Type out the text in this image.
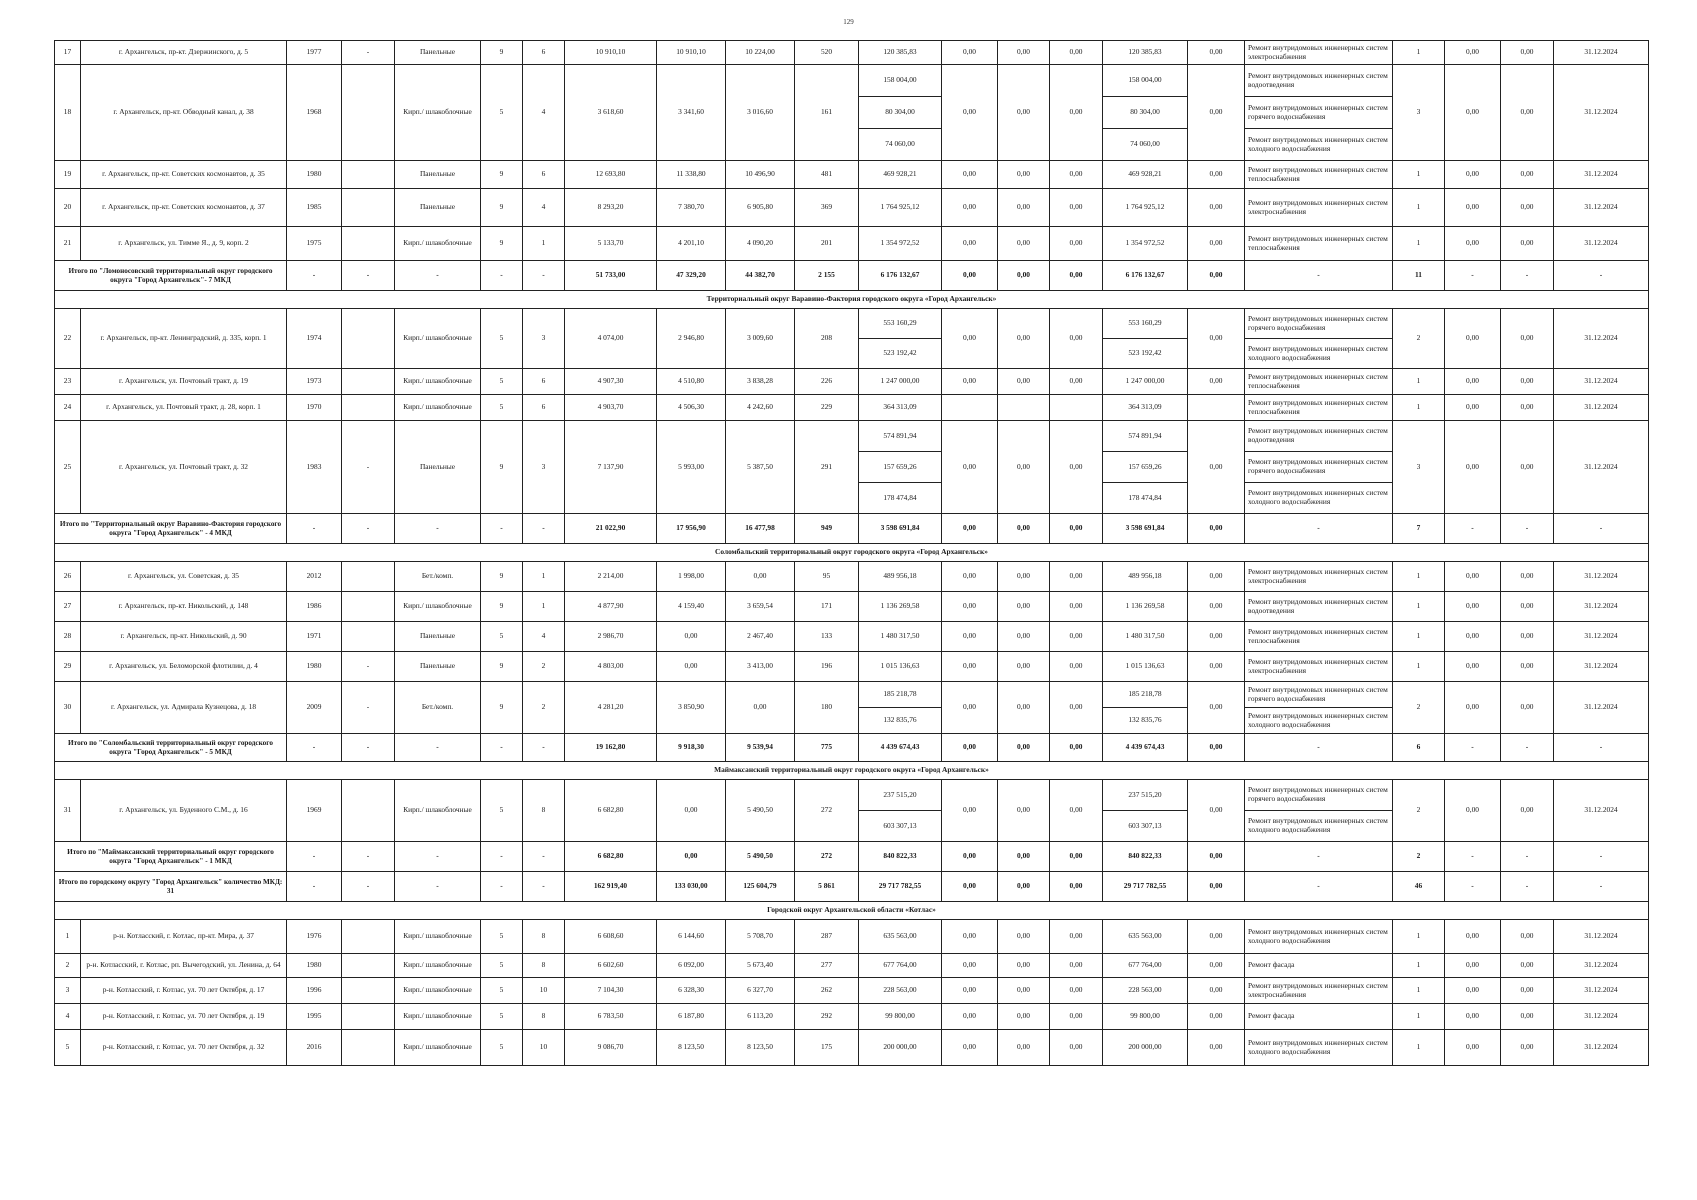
129
17	г. Архангельск, пр-кт. Дзержинского, д. 5	1977	-	Панельные	9	6	10 910,10	10 910,10	10 224,00	520	120 385,83	0,00	0,00	0,00	120 385,83	0,00	Ремонт внутридомовых инженерных систем электроснабжения	1	0,00	0,00	31.12.2024
18	г. Архангельск, пр-кт. Обводный канал, д. 38	1968		Кирп./ шлакоблочные	5	4	3 618,60	3 341,60	3 016,60	161	158 004,00	0,00	0,00	0,00	158 004,00	0,00	Ремонт внутридомовых инженерных систем водоотведения	3	0,00	0,00	31.12.2024
											80 304,00				80 304,00		Ремонт внутридомовых инженерных систем горячего водоснабжения				
											74 060,00				74 060,00		Ремонт внутридомовых инженерных систем холодного водоснабжения				
19	г. Архангельск, пр-кт. Советских космонавтов, д. 35	1980		Панельные	9	6	12 693,80	11 338,80	10 496,90	481	469 928,21	0,00	0,00	0,00	469 928,21	0,00	Ремонт внутридомовых инженерных систем теплоснабжения	1	0,00	0,00	31.12.2024
20	г. Архангельск, пр-кт. Советских космонавтов, д. 37	1985		Панельные	9	4	8 293,20	7 380,70	6 905,80	369	1 764 925,12	0,00	0,00	0,00	1 764 925,12	0,00	Ремонт внутридомовых инженерных систем электроснабжения	1	0,00	0,00	31.12.2024
21	г. Архангельск, ул. Тимме Я., д. 9, корп. 2	1975		Кирп./ шлакоблочные	9	1	5 133,70	4 201,10	4 090,20	201	1 354 972,52	0,00	0,00	0,00	1 354 972,52	0,00	Ремонт внутридомовых инженерных систем теплоснабжения	1	0,00	0,00	31.12.2024
Итого по "Ломоносовский территориальный округ городского округа "Город Архангельск"- 7 МКД		-	-	-	-	-	51 733,00	47 329,20	44 382,70	2 155	6 176 132,67	0,00	0,00	0,00	6 176 132,67	0,00	-	11	-	-	-
Территориальный округ Варавино-Фактория городского округа «Город Архангельск»																					
22	г. Архангельск, пр-кт. Ленинградский, д. 335, корп. 1	1974		Кирп./ шлакоблочные	5	3	4 074,00	2 946,80	3 009,60	208	553 160,29	0,00	0,00	0,00	553 160,29	0,00	Ремонт внутридомовых инженерных систем горячего водоснабжения	2	0,00	0,00	31.12.2024
											523 192,42				523 192,42		Ремонт внутридомовых инженерных систем холодного водоснабжения				
23	г. Архангельск, ул. Почтовый тракт, д. 19	1973		Кирп./ шлакоблочные	5	6	4 907,30	4 510,80	3 838,28	226	1 247 000,00	0,00	0,00	0,00	1 247 000,00	0,00	Ремонт внутридомовых инженерных систем теплоснабжения	1	0,00	0,00	31.12.2024
24	г. Архангельск, ул. Почтовый тракт, д. 28, корп. 1	1970		Кирп./ шлакоблочные	5	6	4 903,70	4 506,30	4 242,60	229	364 313,09				364 313,09		Ремонт внутридомовых инженерных систем теплоснабжения	1	0,00	0,00	31.12.2024
25	г. Архангельск, ул. Почтовый тракт, д. 32	1983	-	Панельные	9	3	7 137,90	5 993,00	5 387,50	291	574 891,94	0,00	0,00	0,00	574 891,94	0,00	Ремонт внутридомовых инженерных систем водоотведения	3	0,00	0,00	31.12.2024
											157 659,26				157 659,26		Ремонт внутридомовых инженерных систем горячего водоснабжения				
											178 474,84				178 474,84		Ремонт внутридомовых инженерных систем холодного водоснабжения				
Итого по "Территориальный округ Варавино-Фактория городского округа "Город Архангельск" - 4 МКД		-	-	-	-	-	21 022,90	17 956,90	16 477,98	949	3 598 691,84	0,00	0,00	0,00	3 598 691,84	0,00	-	7	-	-	-
Соломбальский территориальный округ городского округа «Город Архангельск»																					
26	г. Архангельск, ул. Советская, д. 35	2012		Бет./комп.	9	1	2 214,00	1 998,00	0,00	95	489 956,18	0,00	0,00	0,00	489 956,18	0,00	Ремонт внутридомовых инженерных систем электроснабжения	1	0,00	0,00	31.12.2024
27	г. Архангельск, пр-кт. Никольский, д. 148	1986		Кирп./ шлакоблочные	9	1	4 877,90	4 159,40	3 659,54	171	1 136 269,58	0,00	0,00	0,00	1 136 269,58	0,00	Ремонт внутридомовых инженерных систем водоотведения	1	0,00	0,00	31.12.2024
28	г. Архангельск, пр-кт. Никольский, д. 90	1971		Панельные	5	4	2 986,70	0,00	2 467,40	133	1 480 317,50	0,00	0,00	0,00	1 480 317,50	0,00	Ремонт внутридомовых инженерных систем теплоснабжения	1	0,00	0,00	31.12.2024
29	г. Архангельск, ул. Беломорской флотилии, д. 4	1980	-	Панельные	9	2	4 803,00	0,00	3 413,00	196	1 015 136,63	0,00	0,00	0,00	1 015 136,63	0,00	Ремонт внутридомовых инженерных систем электроснабжения	1	0,00	0,00	31.12.2024
30	г. Архангельск, ул. Адмирала Кузнецова, д. 18	2009	-	Бет./комп.	9	2	4 281,20	3 850,90	0,00	180	185 218,78	0,00	0,00	0,00	185 218,78	0,00	Ремонт внутридомовых инженерных систем горячего водоснабжения	2	0,00	0,00	31.12.2024
											132 835,76				132 835,76		Ремонт внутридомовых инженерных систем холодного водоснабжения				
Итого по "Соломбальский территориальный округ городского округа "Город Архангельск" - 5 МКД		-	-	-	-	-	19 162,80	9 918,30	9 539,94	775	4 439 674,43	0,00	0,00	0,00	4 439 674,43	0,00	-	6	-	-	-
Маймаксанский территориальный округ городского округа «Город Архангельск»																					
31	г. Архангельск, ул. Буденного С.М., д. 16	1969		Кирп./ шлакоблочные	5	8	6 682,80	0,00	5 490,50	272	237 515,20	0,00	0,00	0,00	237 515,20	0,00	Ремонт внутридомовых инженерных систем горячего водоснабжения	2	0,00	0,00	31.12.2024
											603 307,13				603 307,13		Ремонт внутридомовых инженерных систем холодного водоснабжения				
Итого по "Маймаксанский территориальный округ городского округа "Город Архангельск" - 1 МКД		-	-	-	-	-	6 682,80	0,00	5 490,50	272	840 822,33	0,00	0,00	0,00	840 822,33	0,00	-	2	-	-	-
Итого по городскому округу "Город Архангельск" количество МКД: 31		-	-	-	-	-	162 919,40	133 030,00	125 604,79	5 861	29 717 782,55	0,00	0,00	0,00	29 717 782,55	0,00	-	46	-	-	-
Городской округ Архангельской области «Котлас»																					
1	р-н. Котласский, г. Котлас, пр-кт. Мира, д. 37	1976		Кирп./ шлакоблочные	5	8	6 608,60	6 144,60	5 708,70	287	635 563,00	0,00	0,00	0,00	635 563,00	0,00	Ремонт внутридомовых инженерных систем холодного водоснабжения	1	0,00	0,00	31.12.2024
2	р-н. Котласский, г. Котлас, рп. Вычегодский, ул. Ленина, д. 64	1980		Кирп./ шлакоблочные	5	8	6 602,60	6 092,00	5 673,40	277	677 764,00	0,00	0,00	0,00	677 764,00	0,00	Ремонт фасада	1	0,00	0,00	31.12.2024
3	р-н. Котласский, г. Котлас, ул. 70 лет Октября, д. 17	1996		Кирп./ шлакоблочные	5	10	7 104,30	6 328,30	6 327,70	262	228 563,00	0,00	0,00	0,00	228 563,00	0,00	Ремонт внутридомовых инженерных систем электроснабжения	1	0,00	0,00	31.12.2024
4	р-н. Котласский, г. Котлас, ул. 70 лет Октября, д. 19	1995		Кирп./ шлакоблочные	5	8	6 783,50	6 187,80	6 113,20	292	99 800,00	0,00	0,00	0,00	99 800,00	0,00	Ремонт фасада	1	0,00	0,00	31.12.2024
5	р-н. Котласский, г. Котлас, ул. 70 лет Октября, д. 32	2016		Кирп./ шлакоблочные	5	10	9 086,70	8 123,50	8 123,50	175	200 000,00	0,00	0,00	0,00	200 000,00	0,00	Ремонт внутридомовых инженерных систем холодного водоснабжения	1	0,00	0,00	31.12.2024
